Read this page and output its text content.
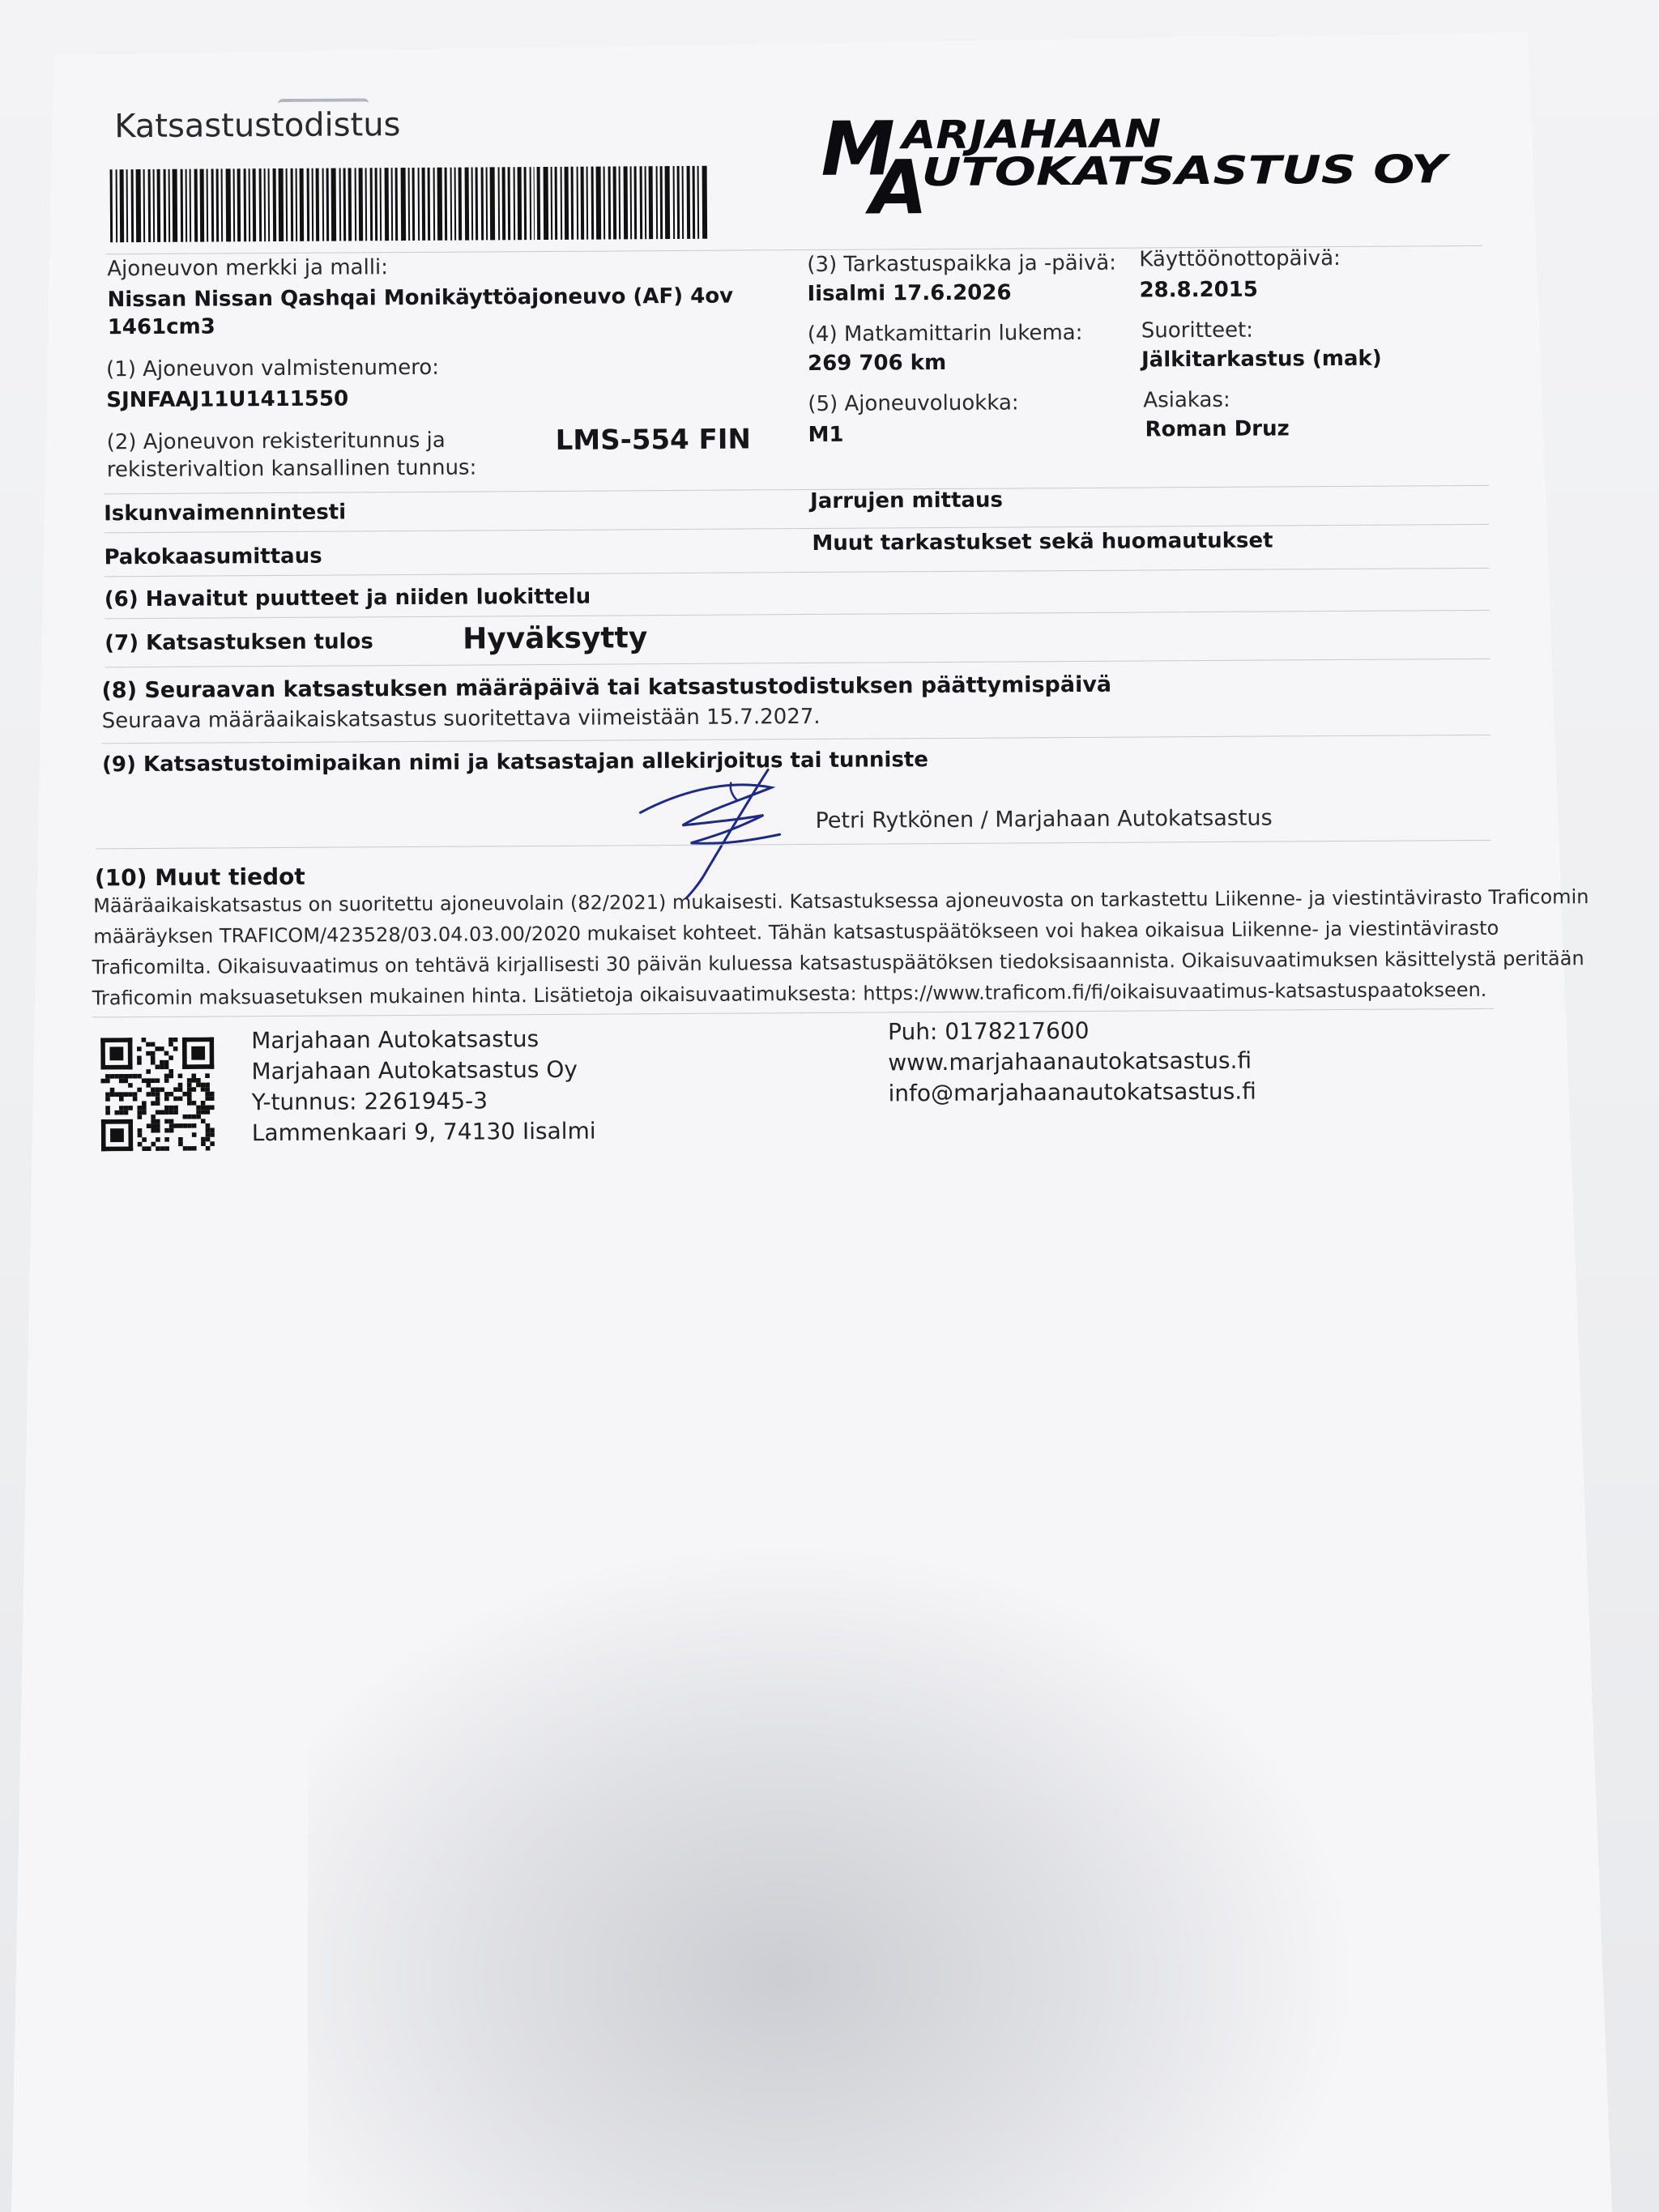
Katsastustodistus	M
A
ARJAHAAN
UTOKATSASTUS OY
Ajoneuvon merkki ja malli:
Nissan Nissan Qashqai Monikäyttöajoneuvo (AF) 4ov
1461cm3
(1) Ajoneuvon valmistenumero:
SJNFAAJ11U1411550
(2) Ajoneuvon rekisteritunnus ja
rekisterivaltion kansallinen tunnus:
LMS-554 FIN
(3) Tarkastuspaikka ja -päivä:
Iisalmi 17.6.2026
(4) Matkamittarin lukema:
269 706 km
(5) Ajoneuvoluokka:
M1
Käyttöönottopäivä:
28.8.2015
Suoritteet:
Jälkitarkastus (mak)
Asiakas:
Roman Druz
Iskunvaimennintesti	Jarrujen mittaus
Pakokaasumittaus
Muut tarkastukset sekä huomautukset
(6) Havaitut puutteet ja niiden luokittelu
(7) Katsastuksen tulos	Hyväksytty
(8) Seuraavan katsastuksen määräpäivä tai katsastustodistuksen päättymispäivä
Seuraava määräaikaiskatsastus suoritettava viimeistään 15.7.2027.
(9) Katsastustoimipaikan nimi ja katsastajan allekirjoitus tai tunniste
Petri Rytkönen / Marjahaan Autokatsastus
(10) Muut tiedot
Määräaikaiskatsastus on suoritettu ajoneuvolain (82/2021) mukaisesti. Katsastuksessa ajoneuvosta on tarkastettu Liikenne- ja viestintävirasto Traficomin
määräyksen TRAFICOM/423528/03.04.03.00/2020 mukaiset kohteet. Tähän katsastuspäätökseen voi hakea oikaisua Liikenne- ja viestintävirasto
Traficomilta. Oikaisuvaatimus on tehtävä kirjallisesti 30 päivän kuluessa katsastuspäätöksen tiedoksisaannista. Oikaisuvaatimuksen käsittelystä peritään
Traficomin maksuasetuksen mukainen hinta. Lisätietoja oikaisuvaatimuksesta: https://www.traficom.fi/fi/oikaisuvaatimus-katsastuspaatokseen.
Marjahaan Autokatsastus
Marjahaan Autokatsastus Oy
Y-tunnus: 2261945-3
Lammenkaari 9, 74130 Iisalmi
Puh: 0178217600
www.marjahaanautokatsastus.fi
info@marjahaanautokatsastus.fi
